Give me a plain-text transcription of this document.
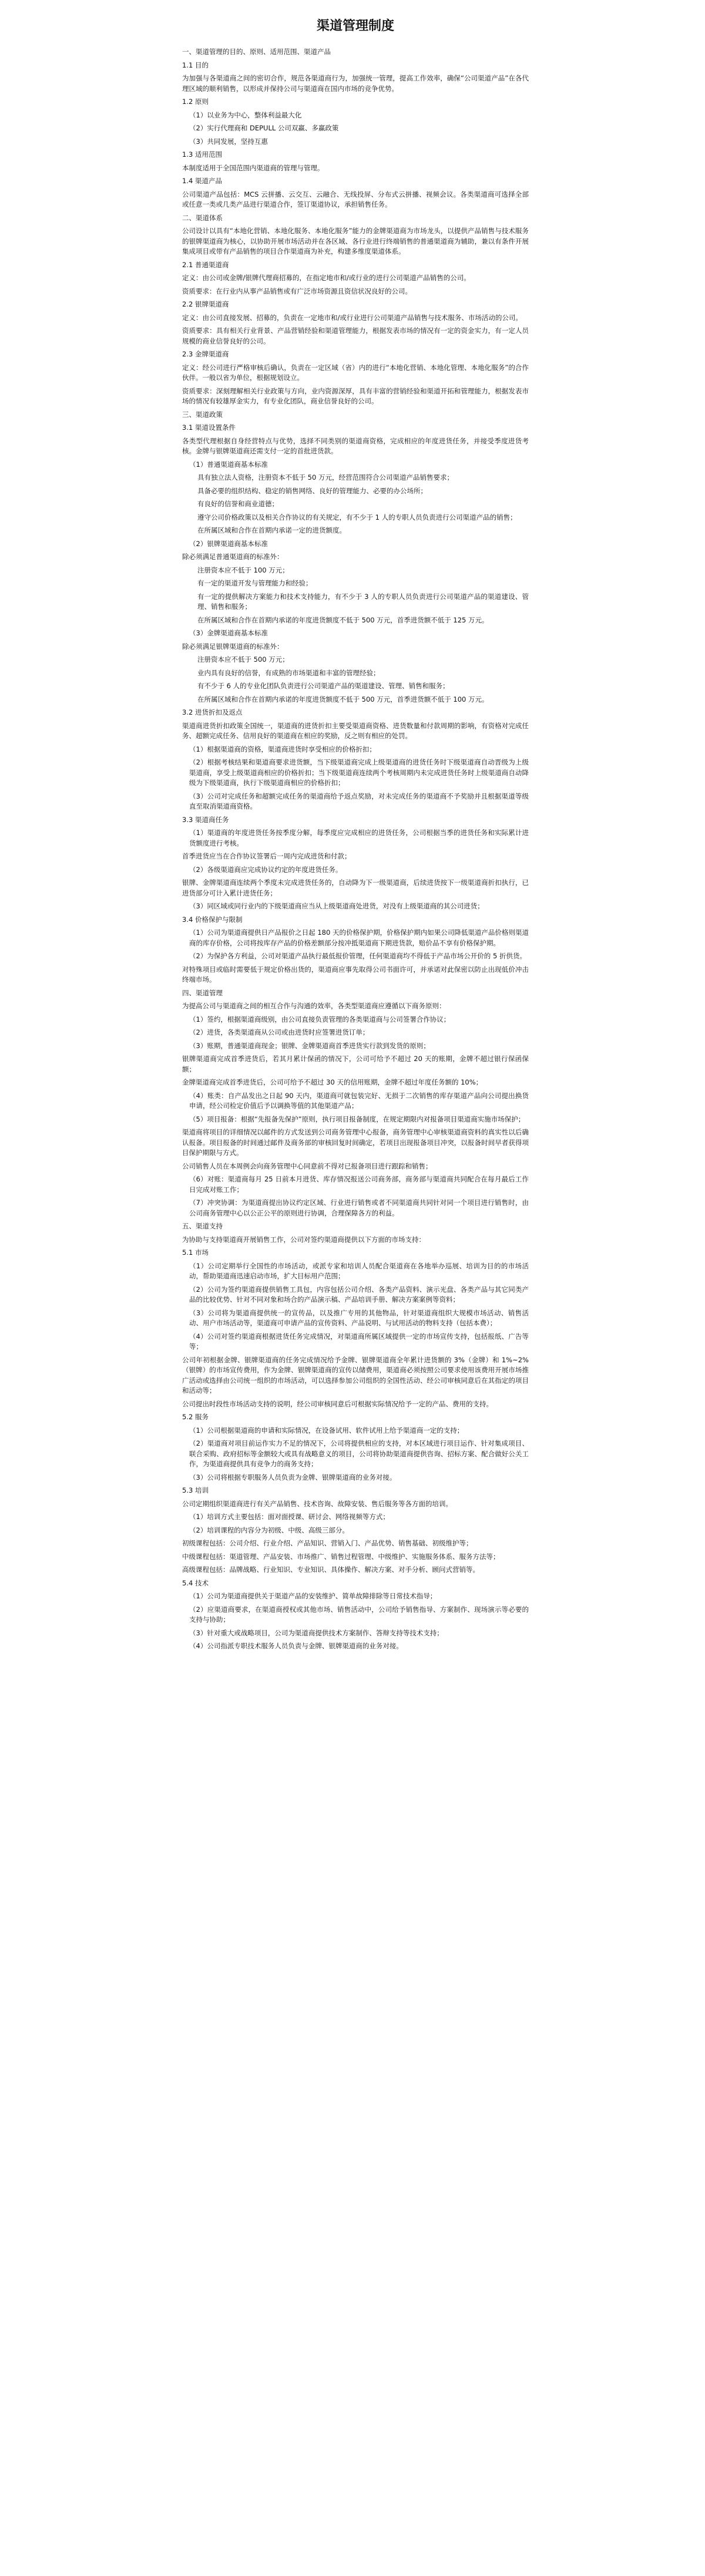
渠道管理制度
一、渠道管理的目的、原则、适用范围、渠道产品
1.1 目的
为加强与各渠道商之间的密切合作，规范各渠道商行为，加强统一管理，提高工作效率，确保“公司渠道产品”在各代理区域的顺利销售，以形成并保持公司与渠道商在国内市场的竞争优势。
1.2 原则
（1）以业务为中心，整体利益最大化
（2）实行代理商和 DEPULL 公司双赢、多赢政策
（3）共同发展，坚持互惠
1.3 适用范围
本制度适用于全国范围内渠道商的管理与管理。
1.4 渠道产品
公司渠道产品包括：MCS 云拼播、云交互、云融合、无线投屏、分布式云拼播、视频会议。各类渠道商可选择全部或任意一类或几类产品进行渠道合作，签订渠道协议，承担销售任务。
二、渠道体系
公司设计以具有“本地化营销、本地化服务、本地化服务”能力的金牌渠道商为市场龙头，以提供产品销售与技术服务的银牌渠道商为核心，以协助开展市场活动并在各区域、各行业进行终端销售的普通渠道商为辅助，兼以有条件开展集成项目或带有产品销售的项目合作渠道商为补充，构建多维度渠道体系。
2.1 普通渠道商
定义：由公司或金牌/银牌代理商招募的，在指定地市和/或行业的进行公司渠道产品销售的公司。
资质要求：在行业内从事产品销售或有广泛市场资源且资信状况良好的公司。
2.2 银牌渠道商
定义：由公司直接发展、招募的，负责在一定地市和/或行业进行公司渠道产品销售与技术服务、市场活动的公司。
资质要求：具有相关行业背景、产品营销经验和渠道管理能力，根据发表市场的情况有一定的资金实力，有一定人员规模的商业信誉良好的公司。
2.3 金牌渠道商
定义：经公司进行严格审核后确认，负责在一定区域（省）内的进行“本地化营销、本地化管理、本地化服务”的合作伙伴。一般以省为单位，根据规划设立。
资质要求：深刻理解相关行业政策与方向，业内资源深厚，具有丰富的营销经验和渠道开拓和管理能力，根据发表市场的情况有较雄厚金实力，有专业化团队，商业信誉良好的公司。
三、渠道政策
3.1 渠道设置条件
各类型代理根据自身经营特点与优势，选择不同类别的渠道商资格，完成相应的年度进货任务，并接受季度进货考核。金牌与银牌渠道商还需支付一定的首批进货款。
（1）普通渠道商基本标准
具有独立法人资格，注册资本不低于 50 万元，经营范围符合公司渠道产品销售要求；
具备必要的组织结构、稳定的销售网络、良好的管理能力、必要的办公场所；
有良好的信誉和商业道德；
遵守公司价格政策以及相关合作协议的有关规定，有不少于 1 人的专职人员负责进行公司渠道产品的销售；
在所属区域和合作在首期内承诺一定的进货额度。
（2）银牌渠道商基本标准
除必须满足普通渠道商的标准外：
注册资本应不低于 100 万元；
有一定的渠道开发与管理能力和经验；
有一定的提供解决方案能力和技术支持能力，有不少于 3 人的专职人员负责进行公司渠道产品的渠道建设、管理、销售和服务；
在所属区域和合作在首期内承诺的年度进货额度不低于 500 万元，首季进货额不低于 125 万元。
（3）金牌渠道商基本标准
除必须满足银牌渠道商的标准外：
注册资本应不低于 500 万元；
业内具有良好的信誉，有成熟的市场渠道和丰富的管理经验；
有不少于 6 人的专业化团队负责进行公司渠道产品的渠道建设、管理、销售和服务；
在所属区域和合作在首期内承诺的年度进货额度不低于 500 万元，首季进货额不低于 100 万元。
3.2 进货折扣及返点
渠道商进货折扣政策全国统一，渠道商的进货折扣主要受渠道商资格、进货数量和付款周期的影响，有资格对完成任务、超额完成任务、信用良好的渠道商在相应的奖励，反之则有相应的处罚。
（1）根据渠道商的资格，渠道商进货时享受相应的价格折扣；
（2）根据考核结果和渠道商要求进货额，当下级渠道商完成上级渠道商的进货任务时下级渠道商自动晋级为上级渠道商，享受上级渠道商相应的价格折扣；当下级渠道商连续两个考核周期内未完成进货任务时上级渠道商自动降级为下级渠道商，执行下级渠道商相应的价格折扣；
（3）公司对完成任务和超额完成任务的渠道商给予返点奖励，对未完成任务的渠道商不予奖励并且根据渠道等级直至取消渠道商资格。
3.3 渠道商任务
（1）渠道商的年度进货任务按季度分解，每季度应完成相应的进货任务，公司根据当季的进货任务和实际累计进货额度进行考核。
首季进货应当在合作协议签署后一周内完成进货和付款；
（2）各级渠道商应完成协议约定的年度进货任务。
银牌、金牌渠道商连续两个季度未完成进货任务的，自动降为下一级渠道商，后续进货按下一级渠道商折扣执行，已进货部分可计入累计进货任务；
（3）同区域或同行业内的下级渠道商应当从上级渠道商处进货，对没有上级渠道商的其公司进货；
3.4 价格保护与限制
（1）公司为渠道商提供日产品报价之日起 180 天的价格保护期，价格保护期内如果公司降低渠道产品价格则渠道商的库存价格，公司将按库存产品的价格差额部分按冲抵渠道商下期进货款，赔价品不享有价格保护期。
（2）为保护各方利益，公司对渠道产品执行最低报价管理，任何渠道商均不得低于产品市场公开价的 5 折供货。
对特殊项目或临时需要低于规定价格出货的，渠道商应事先取得公司书面许可，并承诺对此保密以防止出现低价冲击终端市场。
四、渠道管理
为提高公司与渠道商之间的相互合作与沟通的效率，各类型渠道商应遵循以下商务原则：
（1）签约，根据渠道商级别，由公司直接负责管理的各类渠道商与公司签署合作协议；
（2）进货，各类渠道商从公司或由进货时应签署进货订单；
（3）账期，普通渠道商现金；银牌、金牌渠道商首季进货实行款到发货的原则；
银牌渠道商完成首季进货后，若其月累计保函的情况下，公司可给予不超过 20 天的账期，金牌不超过银行保函保额；
金牌渠道商完成首季进货后，公司可给予不超过 30 天的信用账期，金牌不超过年度任务额的 10%；
（4）账类：自产品发出之日起 90 天内，渠道商可就包装完好、无损于二次销售的库存渠道产品向公司提出换货申请，经公司检定价值后予以调换等值的其他渠道产品；
（5）项目报备：根据“先报备先保护”原则，执行项目报备制度，在规定期限内对报备项目渠道商实施市场保护；
渠道商将项目的详细情况以邮件的方式发送到公司商务管理中心报备，商务管理中心审核渠道商资料的真实性以后确认报备。项目报备的时间通过邮件及商务部的审核回复时间确定，若项目出现报备项目冲突，以报备时间早者获得项目保护期限与方式。
公司销售人员在本周例会向商务管理中心同意前不得对已报备项目进行跟踪和销售；
（6）对账：渠道商每月 25 日前本月进货、库存情况报送公司商务部，商务部与渠道商共同配合在每月最后工作日完成对账工作；
（7）冲突协调：为渠道商提出协议约定区域、行业进行销售或者不同渠道商共同针对同一个项目进行销售时，由公司商务管理中心以公正公平的原则进行协调，合理保障各方的利益。
五、渠道支持
为协助与支持渠道商开展销售工作，公司对签约渠道商提供以下方面的市场支持：
5.1 市场
（1）公司定期举行全国性的市场活动，或派专家和培训人员配合渠道商在各地举办巡展、培训为目的的市场活动，帮助渠道商迅速启动市场，扩大目标用户范围；
（2）公司为签约渠道商提供销售工具包，内容包括公司介绍、各类产品资料、演示光盘、各类产品与其它同类产品的比较优势、针对不同对象和场合的产品演示稿、产品培训手册、解决方案案例等资料；
（3）公司将为渠道商提供统一的宣传品，以及推广专用的其他物品，针对渠道商组织大规模市场活动、销售活动、用户市场活动等，渠道商可申请产品的宣传资料、产品说明、与试用活动的物料支持（包括本费）；
（4）公司对签约渠道商根据进货任务完成情况，对渠道商所属区域提供一定的市场宣传支持，包括报纸、广告等等；
公司年初根据金牌、银牌渠道商的任务完成情况给予金牌、银牌渠道商全年累计进货额的 3%（金牌）和 1%~2%（银牌）的市场宣传费用，作为金牌、银牌渠道商的宣传以储费用，渠道商必须按照公司要求使用该费用开展市场推广活动或选择由公司统一组织的市场活动，可以选择参加公司组织的全国性活动、经公司审核同意后在其指定的项目和活动等；
公司提出时段性市场活动支持的说明，经公司审核同意后可根据实际情况给予一定的产品、费用的支持。
5.2 服务
（1）公司根据渠道商的申请和实际情况，在设备试用、软件试用上给予渠道商一定的支持；
（2）渠道商对项目前运作实力不足的情况下，公司将提供相应的支持，对本区域进行项目运作、针对集成项目、联合采购、政府招标等金额较大或具有战略意义的项目，公司将协助渠道商提供咨询、招标方案、配合做好公关工作，为渠道商提供具有竞争力的商务支持；
（3）公司将根据专职服务人员负责为金牌、银牌渠道商的业务对接。
5.3 培训
公司定期组织渠道商进行有关产品销售、技术咨询、故障安装、售后服务等各方面的培训。
（1）培训方式主要包括：面对面授课、研讨会、网络视频等方式；
（2）培训课程的内容分为初级、中级、高级三部分。
初级课程包括：公司介绍、行业介绍、产品知识、营销入门、产品优势、销售基础、初级维护等；
中级课程包括：渠道管理、产品安装、市场推广、销售过程管理、中级维护、实施服务体系、服务方法等；
高级课程包括：品牌战略、行业知识、专业知识、具体操作、解决方案、对手分析、顾问式营销等。
5.4 技术
（1）公司为渠道商提供关于渠道产品的安装维护、简单故障排除等日常技术指导；
（2）应渠道商要求，在渠道商授权或其他市场、销售活动中，公司给予销售指导、方案制作、现场演示等必要的支持与协助；
（3）针对重大或战略项目，公司为渠道商提供技术方案制作、答辩支持等技术支持；
（4）公司指派专职技术服务人员负责与金牌、银牌渠道商的业务对接。
